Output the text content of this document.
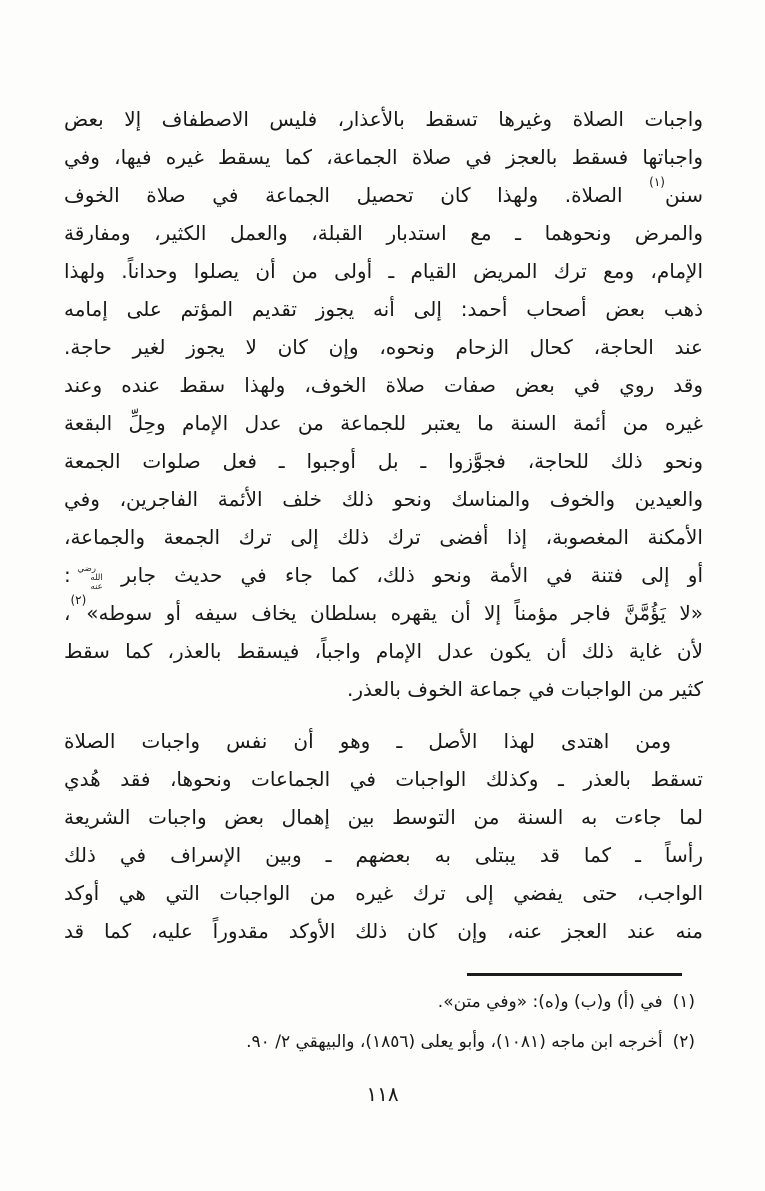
واجبات الصلاة وغيرها تسقط بالأعذار، فليس الاصطفاف إلا بعض
واجباتها فسقط بالعجز في صلاة الجماعة، كما يسقط غيره فيها، وفي
سنن$^{(١)}$ الصلاة. ولهذا كان تحصيل الجماعة في صلاة الخوف
والمرض ونحوهما ـ مع استدبار القبلة، والعمل الكثير، ومفارقة
الإمام، ومع ترك المريض القيام ـ أولى من أن يصلوا وحداناً. ولهذا
ذهب بعض أصحاب أحمد: إلى أنه يجوز تقديم المؤتم على إمامه
عند الحاجة، كحال الزحام ونحوه، وإن كان لا يجوز لغير حاجة.
وقد روي في بعض صفات صلاة الخوف، ولهذا سقط عنده وعند
غيره من أئمة السنة ما يعتبر للجماعة من عدل الإمام وحِلِّ البقعة
ونحو ذلك للحاجة، فجوَّزوا ـ بل أوجبوا ـ فعل صلوات الجمعة
والعيدين والخوف والمناسك ونحو ذلك خلف الأئمة الفاجرين، وفي
الأمكنة المغصوبة، إذا أفضى ترك ذلك إلى ترك الجمعة والجماعة،
أو إلى فتنة في الأمة ونحو ذلك، كما جاء في حديث جابر
رضي الله
عنه
:
«لا يَؤُمَّنَّ فاجر مؤمناً إلا أن يقهره بسلطان يخاف سيفه أو سوطه»$^{(٢)}$،
لأن غاية ذلك أن يكون عدل الإمام واجباً، فيسقط بالعذر، كما سقط
كثير من الواجبات في جماعة الخوف بالعذر.
ومن اهتدى لهذا الأصل ـ وهو أن نفس واجبات الصلاة
تسقط بالعذر ـ وكذلك الواجبات في الجماعات ونحوها، فقد هُدي
لما جاءت به السنة من التوسط بين إهمال بعض واجبات الشريعة
رأساً ـ كما قد يبتلى به بعضهم ـ وبين الإسراف في ذلك
الواجب، حتى يفضي إلى ترك غيره من الواجبات التي هي أوكد
منه عند العجز عنه، وإن كان ذلك الأوكد مقدوراً عليه، كما قد
(١)في (أ) و(ب) و(ه): «وفي متن».
(٢)أخرجه ابن ماجه (١٠٨١)، وأبو يعلى (١٨٥٦)، والبيهقي ٢/ ٩٠.
١١٨
